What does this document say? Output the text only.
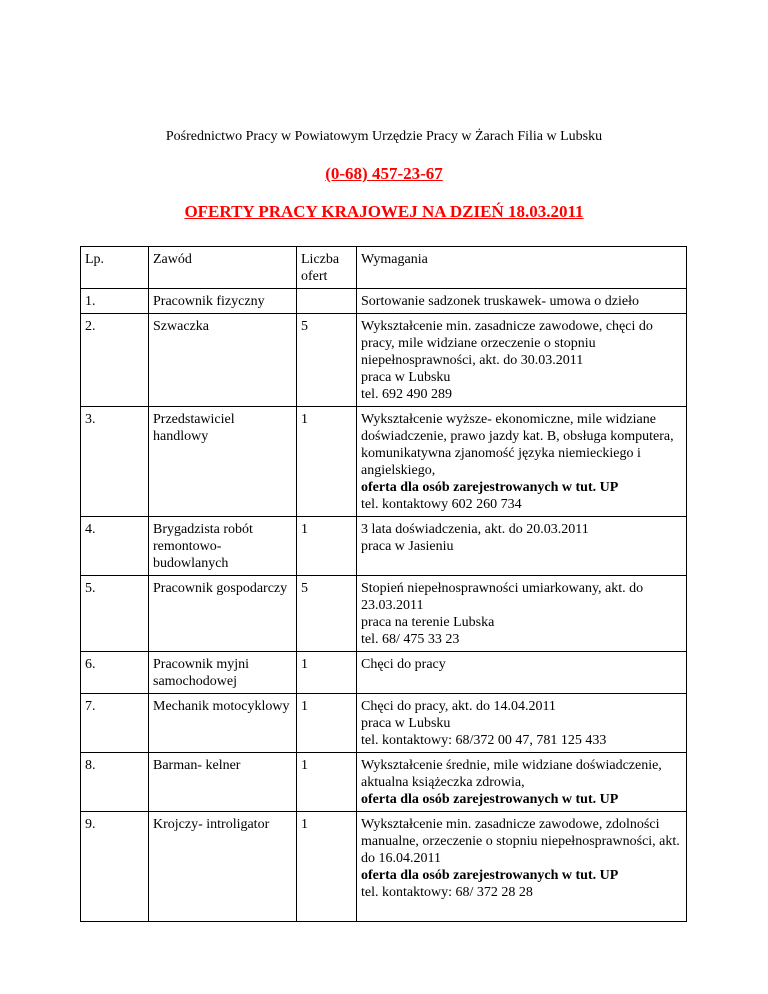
Pośrednictwo Pracy w Powiatowym Urzędzie Pracy w Żarach Filia w Lubsku
(0-68) 457-23-67
OFERTY PRACY KRAJOWEJ NA DZIEŃ 18.03.2011
Lp.	Zawód	Liczba ofert	Wymagania
1.	Pracownik fizyczny		Sortowanie sadzonek truskawek- umowa o dzieło

2.	Szwaczka	5	Wykształcenie min. zasadnicze zawodowe, chęci do pracy, mile widziane orzeczenie o stopniu niepełnosprawności, akt. do 30.03.2011
praca w Lubsku
tel. 692 490 289

3.	Przedstawiciel handlowy	1	Wykształcenie wyższe- ekonomiczne, mile widziane doświadczenie, prawo jazdy kat. B, obsługa komputera, komunikatywna zjanomość języka niemieckiego i angielskiego,
oferta dla osób zarejestrowanych w tut. UP
tel. kontaktowy 602 260 734

4.	Brygadzista robót remontowo-budowlanych	1	3 lata doświadczenia, akt. do 20.03.2011
praca w Jasieniu

5.	Pracownik gospodarczy	5	Stopień niepełnosprawności umiarkowany, akt. do 23.03.2011
praca na terenie Lubska
tel. 68/ 475 33 23

6.	Pracownik myjni samochodowej	1	Chęci do pracy

7.	Mechanik motocyklowy	1	Chęci do pracy, akt. do 14.04.2011
praca w Lubsku
tel. kontaktowy: 68/372 00 47, 781 125 433

8.	Barman- kelner	1	Wykształcenie średnie, mile widziane doświadczenie, aktualna książeczka zdrowia,
oferta dla osób zarejestrowanych w tut. UP

9.	Krojczy- introligator	1	Wykształcenie min. zasadnicze zawodowe, zdolności manualne, orzeczenie o stopniu niepełnosprawności, akt. do 16.04.2011
oferta dla osób zarejestrowanych w tut. UP
tel. kontaktowy: 68/ 372 28 28
